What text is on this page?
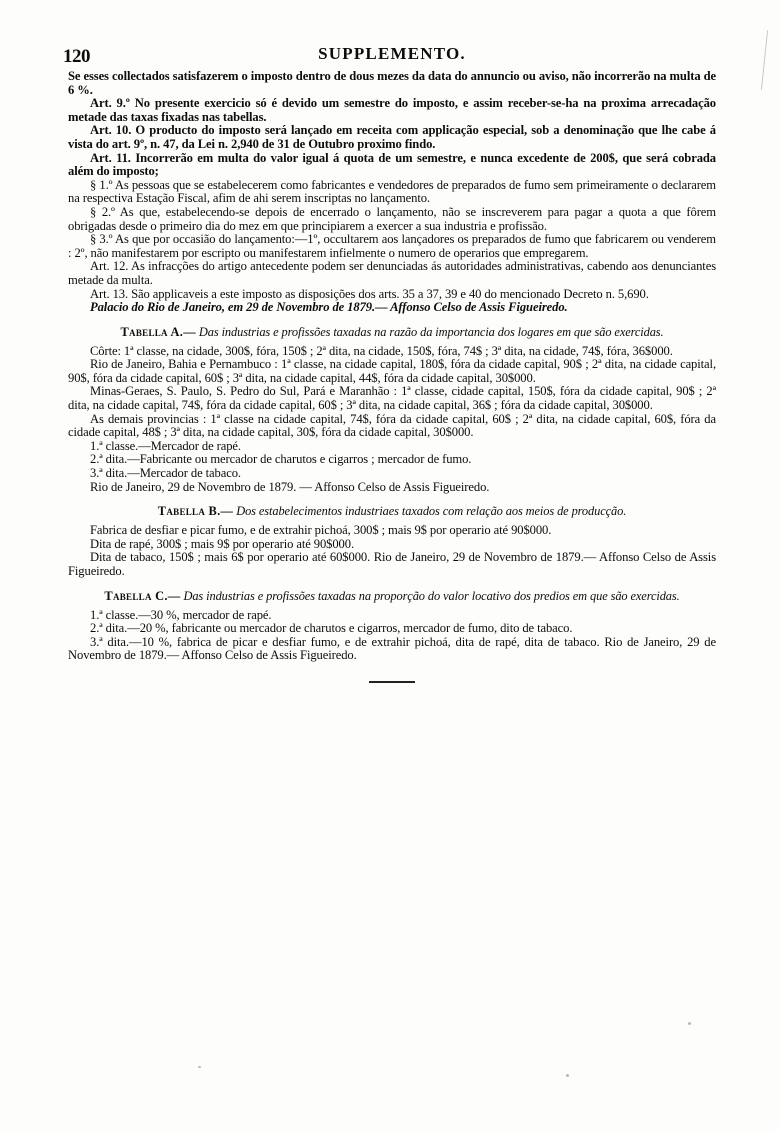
120	SUPPLEMENTO.

Se esses collectados satisfazerem o imposto dentro de dous mezes da data do annuncio ou aviso, não incorrerão na multa de 6 %.

Art. 9.º No presente exercicio só é devido um semestre do imposto, e assim receber-se-ha na proxima arrecadação metade das taxas fixadas nas tabellas.

Art. 10. O producto do imposto será lançado em receita com applicação especial, sob a denominação que lhe cabe á vista do art. 9º, n. 47, da Lei n. 2,940 de 31 de Outubro proximo findo.

Art. 11. Incorrerão em multa do valor igual á quota de um semestre, e nunca excedente de 200$, que será cobrada além do imposto;

§ 1.º As pessoas que se estabelecerem como fabricantes e vendedores de preparados de fumo sem primeiramente o declararem na respectiva Estação Fiscal, afim de ahi serem inscriptas no lançamento.

§ 2.º As que, estabelecendo-se depois de encerrado o lançamento, não se inscreverem para pagar a quota a que fôrem obrigadas desde o primeiro dia do mez em que principiarem a exercer a sua industria e profissão.

§ 3.º As que por occasião do lançamento:—1º, occultarem aos lançadores os preparados de fumo que fabricarem ou venderem : 2º, não manifestarem por escripto ou manifestarem infielmente o numero de operarios que empregarem.

Art. 12. As infracções do artigo antecedente podem ser denunciadas ás autoridades administrativas, cabendo aos denunciantes metade da multa.

Art. 13. São applicaveis a este imposto as disposições dos arts. 35 a 37, 39 e 40 do mencionado Decreto n. 5,690.

Palacio do Rio de Janeiro, em 29 de Novembro de 1879.— Affonso Celso de Assis Figueiredo.

Tabella A.— Das industrias e profissões taxadas na razão da importancia dos logares em que são exercidas.

Côrte: 1ª classe, na cidade, 300$, fóra, 150$ ; 2ª dita, na cidade, 150$, fóra, 74$ ; 3ª dita, na cidade, 74$, fóra, 36$000.

Rio de Janeiro, Bahia e Pernambuco : 1ª classe, na cidade capital, 180$, fóra da cidade capital, 90$ ; 2ª dita, na cidade capital, 90$, fóra da cidade capital, 60$ ; 3ª dita, na cidade capital, 44$, fóra da cidade capital, 30$000.

Minas-Geraes, S. Paulo, S. Pedro do Sul, Pará e Maranhão : 1ª classe, cidade capital, 150$, fóra da cidade capital, 90$ ; 2ª dita, na cidade capital, 74$, fóra da cidade capital, 60$ ; 3ª dita, na cidade capital, 36$ ; fóra da cidade capital, 30$000.

As demais provincias : 1ª classe na cidade capital, 74$, fóra da cidade capital, 60$ ; 2ª dita, na cidade capital, 60$, fóra da cidade capital, 48$ ; 3ª dita, na cidade capital, 30$, fóra da cidade capital, 30$000.

1.ª classe.—Mercador de rapé.

2.ª dita.—Fabricante ou mercador de charutos e cigarros ; mercador de fumo.

3.ª dita.—Mercador de tabaco.

Rio de Janeiro, 29 de Novembro de 1879. — Affonso Celso de Assis Figueiredo.

Tabella B.— Dos estabelecimentos industriaes taxados com relação aos meios de producção.

Fabrica de desfiar e picar fumo, e de extrahir pichoá, 300$ ; mais 9$ por operario até 90$000.

Dita de rapé, 300$ ; mais 9$ por operario até 90$000.

Dita de tabaco, 150$ ; mais 6$ por operario até 60$000. Rio de Janeiro, 29 de Novembro de 1879.— Affonso Celso de Assis Figueiredo.

Tabella C.— Das industrias e profissões taxadas na proporção do valor locativo dos predios em que são exercidas.

1.ª classe.—30 %, mercador de rapé.

2.ª dita.—20 %, fabricante ou mercador de charutos e cigarros, mercador de fumo, dito de tabaco.

3.ª dita.—10 %, fabrica de picar e desfiar fumo, e de extrahir pichoá, dita de rapé, dita de tabaco. Rio de Janeiro, 29 de Novembro de 1879.— Affonso Celso de Assis Figueiredo.
